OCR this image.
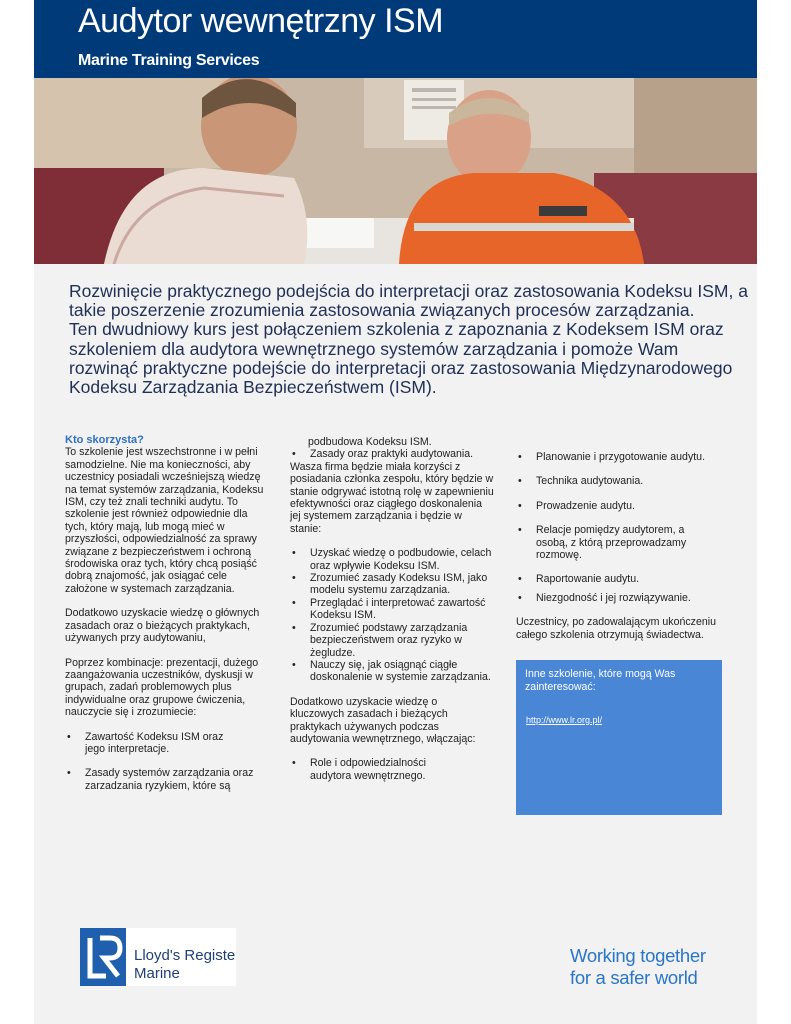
Audytor wewnętrzny ISM
Marine Training Services

Rozwinięcie praktycznego podejścia do interpretacji oraz zastosowania Kodeksu ISM, a takie poszerzenie zrozumienia zastosowania związanych procesów zarządzania.

Ten dwudniowy kurs jest połączeniem szkolenia z zapoznania z Kodeksem ISM oraz szkoleniem dla audytora wewnętrznego systemów zarządzania i pomoże Wam rozwinąć praktyczne podejście do interpretacji oraz zastosowania Międzynarodowego Kodeksu Zarządzania Bezpieczeństwem (ISM).

Kto skorzysta?

To szkolenie jest wszechstronne i w pełni samodzielne. Nie ma konieczności, aby uczestnicy posiadali wcześniejszą wiedzę na temat systemów zarządzania, Kodeksu ISM, czy też znali techniki audytu. To szkolenie jest również odpowiednie dla tych, który mają, lub mogą mieć w przyszłości, odpowiedzialność za sprawy związane z bezpieczeństwem i ochroną środowiska oraz tych, który chcą posiąść dobrą znajomość, jak osiągać cele założone w systemach zarządzania.

Dodatkowo uzyskacie wiedzę o głównych zasadach oraz o bieżących praktykach, używanych przy audytowaniu,

Poprzez kombinacje: prezentacji, dużego zaangażowania uczestników, dyskusji w grupach, zadań problemowych plus indywidualne oraz grupowe ćwiczenia, nauczycie się i zrozumiecie:

• Zawartość Kodeksu ISM oraz jego interpretacje.
• Zasady systemów zarządzania oraz zarzadzania ryzykiem, które są

podbudowa Kodeksu ISM.

• Zasady oraz praktyki audytowania.

Wasza firma będzie miała korzyści z posiadania członka zespołu, który będzie w stanie odgrywać istotną rolę w zapewnieniu efektywności oraz ciągłego doskonalenia jej systemem zarządzania i będzie w stanie:

• Uzyskać wiedzę o podbudowie, celach oraz wpływie Kodeksu ISM.
• Zrozumieć zasady Kodeksu ISM, jako modelu systemu zarządzania.
• Przeglądać i interpretować zawartość Kodeksu ISM.
• Zrozumieć podstawy zarządzania bezpieczeństwem oraz ryzyko w żegludze.
• Nauczy się, jak osiągnąć ciągłe doskonalenie w systemie zarządzania.

Dodatkowo uzyskacie wiedzę o kluczowych zasadach i bieżących praktykach używanych podczas audytowania wewnętrznego, włączając:

• Role i odpowiedzialności audytora wewnętrznego.
• Planowanie i przygotowanie audytu.
• Technika audytowania.
• Prowadzenie audytu.
• Relacje pomiędzy audytorem, a osobą, z którą przeprowadzamy rozmowę.
• Raportowanie audytu.
• Niezgodność i jej rozwiązywanie.

Uczestnicy, po zadowalającym ukończeniu całego szkolenia otrzymują świadectwa.

Inne szkolenie, które mogą Was zainteresować:
http://www.lr.org.pl/
Lloyd's Register
Marine
Working together
for a safer world
